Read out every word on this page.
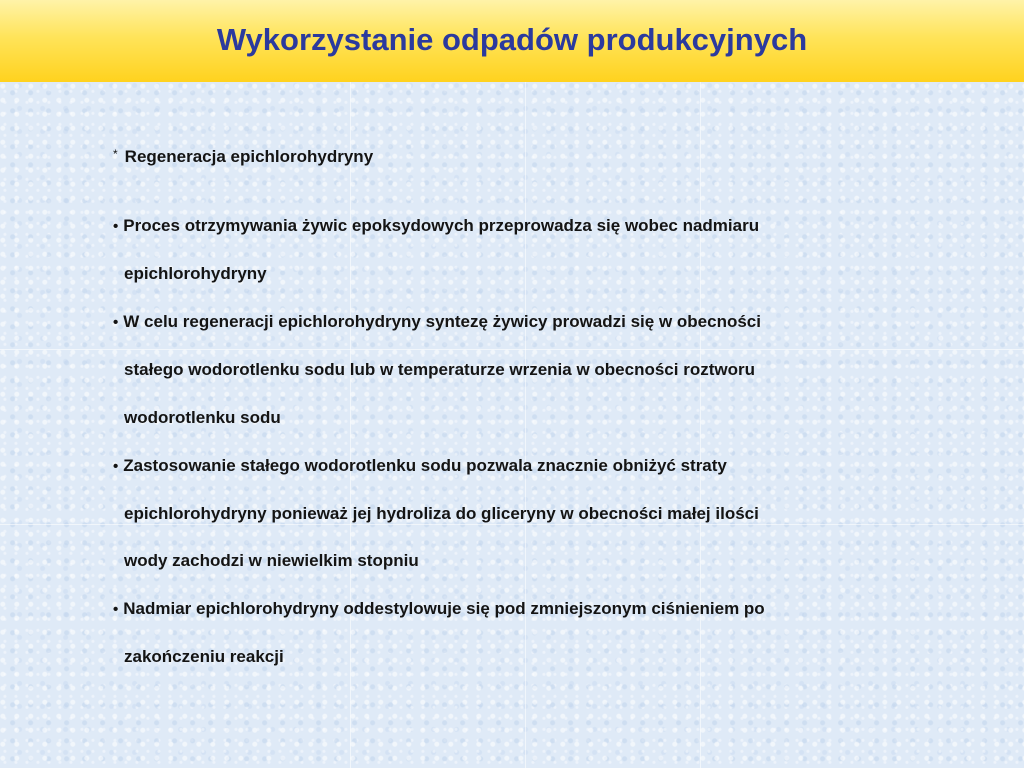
Wykorzystanie odpadów produkcyjnych
* Regeneracja epichlorohydryny
• Proces otrzymywania żywic epoksydowych przeprowadza się wobec nadmiaru
epichlorohydryny
• W celu regeneracji epichlorohydryny syntezę żywicy prowadzi się w obecności
stałego wodorotlenku sodu lub w temperaturze wrzenia w obecności roztworu
wodorotlenku sodu
• Zastosowanie stałego wodorotlenku sodu pozwala znacznie obniżyć straty
epichlorohydryny ponieważ jej hydroliza do gliceryny w obecności małej ilości
wody zachodzi w niewielkim stopniu
• Nadmiar epichlorohydryny oddestylowuje się pod zmniejszonym ciśnieniem po
zakończeniu reakcji
